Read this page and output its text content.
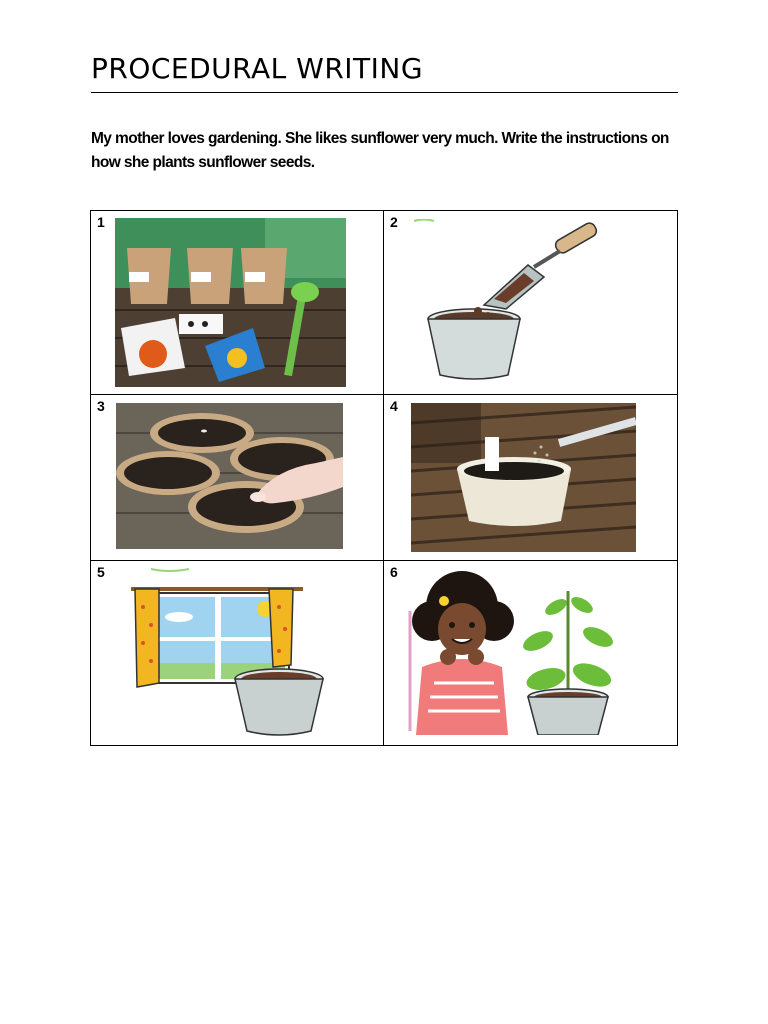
PROCEDURAL WRITING
My mother loves gardening. She likes sunflower very much. Write the instructions on how she plants sunflower seeds.
1	2
3	4
5	6
